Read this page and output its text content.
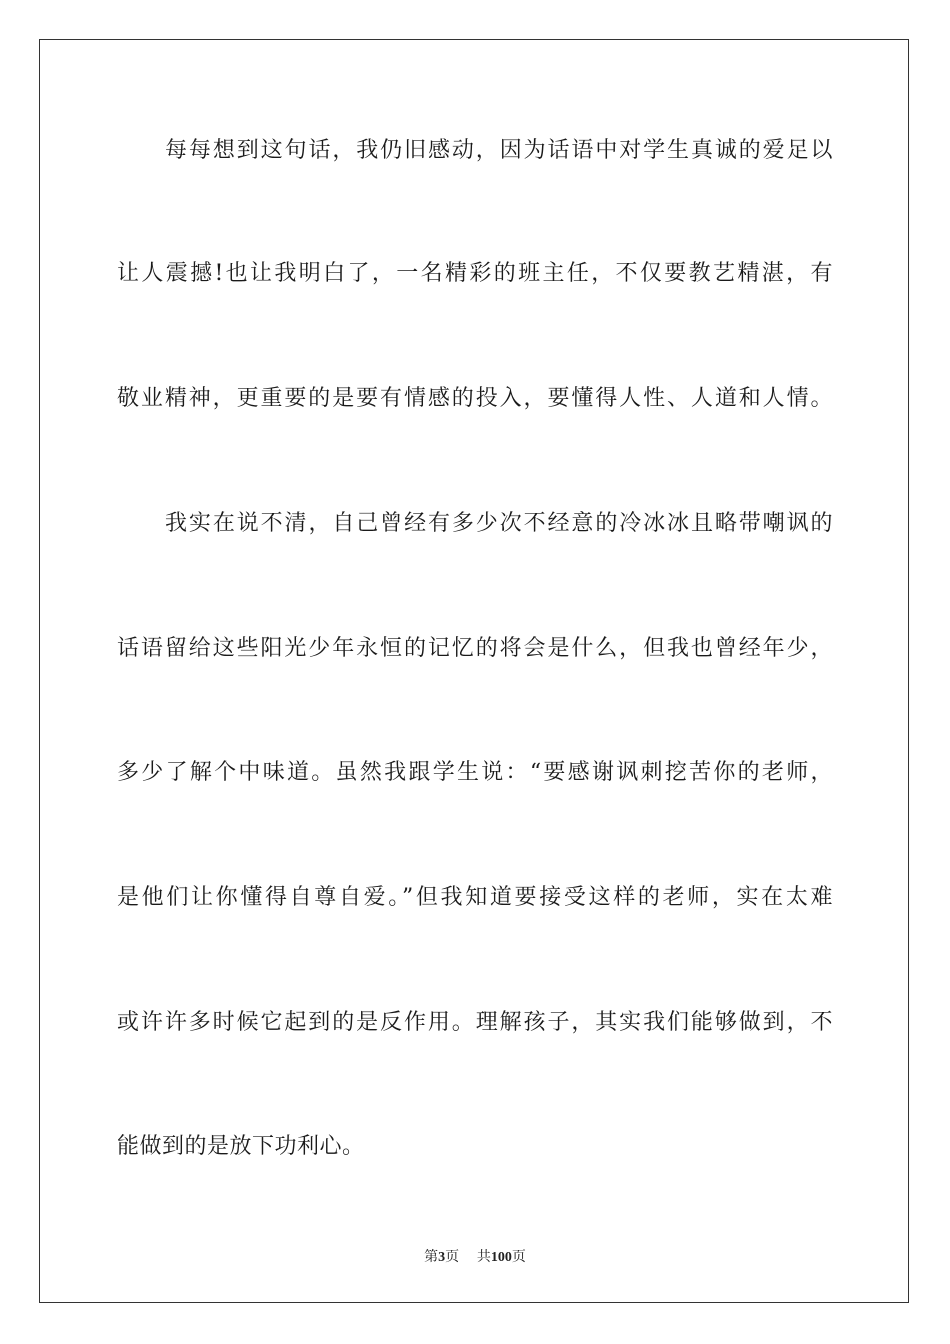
每每想到这句话，我仍旧感动，因为话语中对学生真诚的爱足以
让人震撼!也让我明白了，一名精彩的班主任，不仅要教艺精湛，有
敬业精神，更重要的是要有情感的投入，要懂得人性、人道和人情。
我实在说不清，自己曾经有多少次不经意的冷冰冰且略带嘲讽的
话语留给这些阳光少年永恒的记忆的将会是什么，但我也曾经年少，
多少了解个中味道。虽然我跟学生说：“要感谢讽刺挖苦你的老师，
是他们让你懂得自尊自爱。”但我知道要接受这样的老师，实在太难
或许许多时候它起到的是反作用。理解孩子，其实我们能够做到，不
能做到的是放下功利心。
第3页 共100页
